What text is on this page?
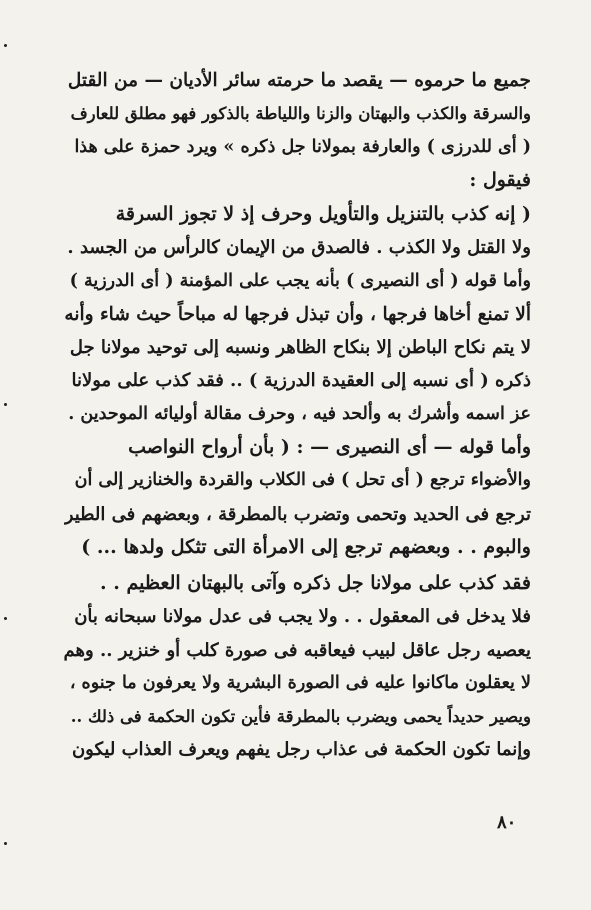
جميع ما حرموه — يقصد ما حرمته سائر الأديان — من القتل
والسرقة والكذب والبهتان والزنا واللياطة بالذكور فهو مطلق للعارف
( أى للدرزى ) والعارفة بمولانا جل ذكره » ويرد حمزة على هذا
فيقول :
( إنه كذب بالتنزيل والتأويل وحرف إذ لا تجوز السرقة
ولا القتل ولا الكذب . فالصدق من الإيمان كالرأس من الجسد .
وأما قوله ( أى النصيرى ) بأنه يجب على المؤمنة ( أى الدرزية )
ألا تمنع أخاها فرجها ، وأن تبذل فرجها له مباحاً حيث شاء وأنه
لا يتم نكاح الباطن إلا بنكاح الظاهر ونسبه إلى توحيد مولانا جل
ذكره ( أى نسبه إلى العقيدة الدرزية ) .. فقد كذب على مولانا
عز اسمه وأشرك به وألحد فيه ، وحرف مقالة أوليائه الموحدين .
وأما قوله — أى النصيرى — : ( بأن أرواح النواصب
والأضواء ترجع ( أى تحل ) فى الكلاب والقردة والخنازير إلى أن
ترجع فى الحديد وتحمى وتضرب بالمطرقة ، وبعضهم فى الطير
والبوم . . وبعضهم ترجع إلى الامرأة التى تثكل ولدها ... )
فقد كذب على مولانا جل ذكره وآتى بالبهتان العظيم . .
فلا يدخل فى المعقول . . ولا يجب فى عدل مولانا سبحانه بأن
يعصيه رجل عاقل لبيب فيعاقبه فى صورة كلب أو خنزير .. وهم
لا يعقلون ماكانوا عليه فى الصورة البشرية ولا يعرفون ما جنوه ،
ويصير حديداً يحمى ويضرب بالمطرقة فأين تكون الحكمة فى ذلك ..
وإنما تكون الحكمة فى عذاب رجل يفهم ويعرف العذاب ليكون
٨٠
